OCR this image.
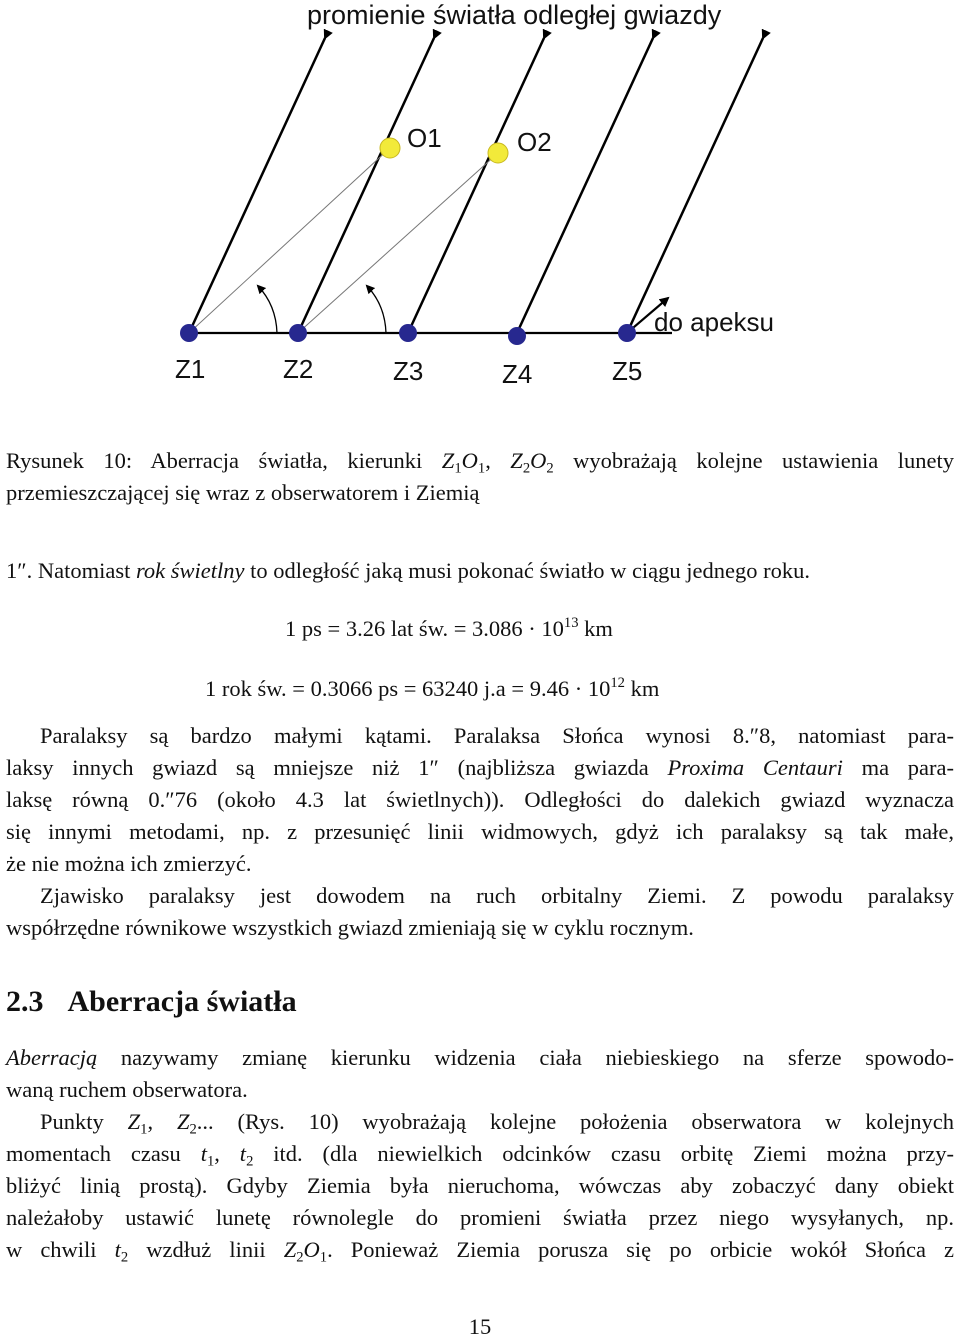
promienie światła odległej gwiazdy
O1	O2
Z1	Z2	Z3	Z4	Z5
do apeksu

Rysunek 10: Aberracja światła, kierunki $Z_1O_1$, $Z_2O_2$ wyobrażają kolejne ustawienia lunety przemieszczającej się wraz z obserwatorem i Ziemią

1″. Natomiast rok świetlny to odległość jaką musi pokonać światło w ciągu jednego roku.

1 ps = 3.26 lat św. = $3.086 \cdot 10^{13}$ km
1 rok św. = 0.3066 ps = 63240 $j.a = 9.46 \cdot 10^{12}$ km

Paralaksy są bardzo małymi kątami. Paralaksa Słońca wynosi 8.″8, natomiast para-

laksy innych gwiazd są mniejsze niż 1″ (najbliższa gwiazda Proxima Centauri ma para-

laksę równą 0.″76 (około 4.3 lat świetlnych)). Odległości do dalekich gwiazd wyznacza

się innymi metodami, np. z przesunięć linii widmowych, gdyż ich paralaksy są tak małe,

że nie można ich zmierzyć.

Zjawisko paralaksy jest dowodem na ruch orbitalny Ziemi. Z powodu paralaksy

współrzędne równikowe wszystkich gwiazd zmieniają się w cyklu rocznym.

2.3 Aberracja światła

Aberracją nazywamy zmianę kierunku widzenia ciała niebieskiego na sferze spowodo-

waną ruchem obserwatora.

Punkty $Z_1$, $Z_2$... (Rys. 10) wyobrażają kolejne położenia obserwatora w kolejnych

momentach czasu $t_1$, $t_2$ itd. (dla niewielkich odcinków czasu orbitę Ziemi można przy-

bliżyć linią prostą). Gdyby Ziemia była nieruchoma, wówczas aby zobaczyć dany obiekt

należałoby ustawić lunetę równolegle do promieni światła przez niego wysyłanych, np.

w chwili $t_2$ wzdłuż linii $Z_2O_1$. Ponieważ Ziemia porusza się po orbicie wokół Słońca z

15
